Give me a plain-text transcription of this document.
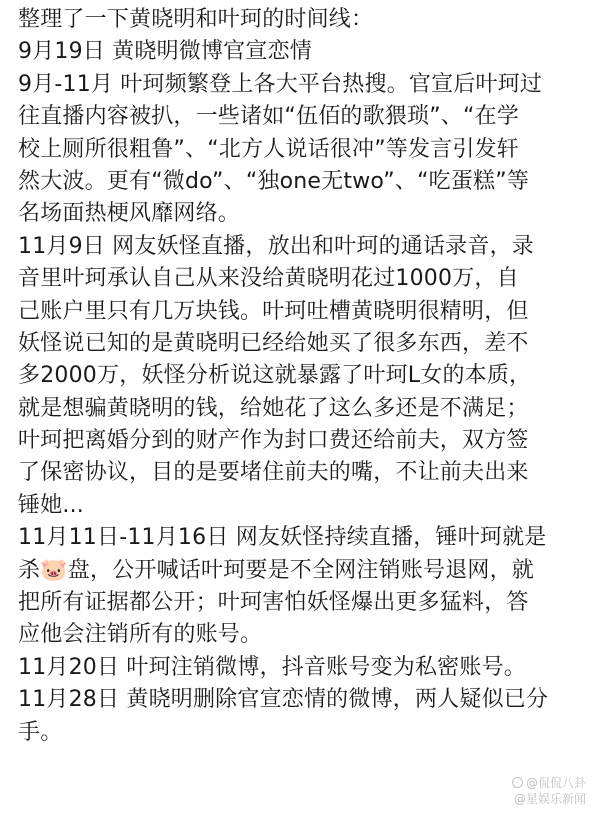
整理了一下黄晓明和叶珂的时间线：
9月19日 黄晓明微博官宣恋情
9月-11月 叶珂频繁登上各大平台热搜。官宣后叶珂过
往直播内容被扒，一些诸如“伍佰的歌猥琐”、“在学
校上厕所很粗鲁”、“北方人说话很冲”等发言引发轩
然大波。更有“微do”、“独one无two”、“吃蛋糕”等
名场面热梗风靡网络。
11月9日 网友妖怪直播，放出和叶珂的通话录音，录
音里叶珂承认自己从来没给黄晓明花过1000万，自
己账户里只有几万块钱。叶珂吐槽黄晓明很精明，但
妖怪说已知的是黄晓明已经给她买了很多东西，差不
多2000万，妖怪分析说这就暴露了叶珂L女的本质，
就是想骗黄晓明的钱，给她花了这么多还是不满足；
叶珂把离婚分到的财产作为封口费还给前夫，双方签
了保密协议，目的是要堵住前夫的嘴，不让前夫出来
锤她...
11月11日-11月16日 网友妖怪持续直播，锤叶珂就是
杀🐷盘，公开喊话叶珂要是不全网注销账号退网，就
把所有证据都公开；叶珂害怕妖怪爆出更多猛料，答
应他会注销所有的账号。
11月20日 叶珂注销微博，抖音账号变为私密账号。
11月28日 黄晓明删除官宣恋情的微博，两人疑似已分
手。
@侃侃八卦
@星娱乐新闻
